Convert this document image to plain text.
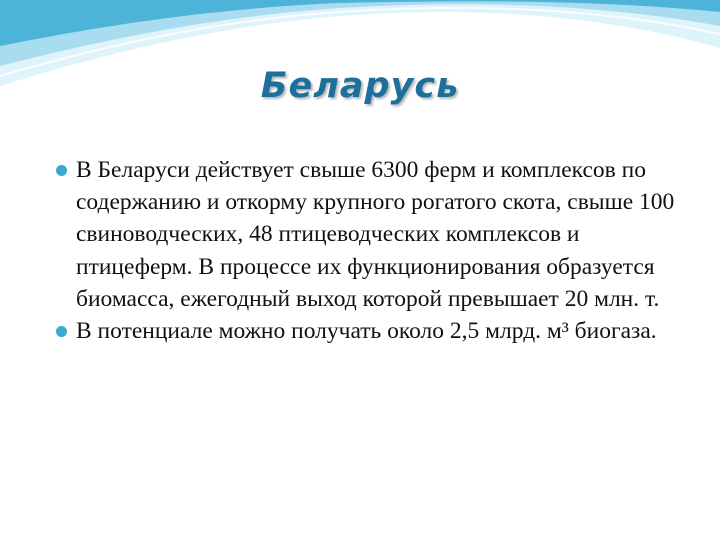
Беларусь
В Беларуси действует свыше 6300 ферм и комплексов по содержанию и откорму крупного рогатого скота, свыше 100 свиноводческих, 48 птицеводческих комплексов и птицеферм. В процессе их функционирования образуется биомасса, ежегодный выход которой превышает 20 млн. т.
В потенциале можно получать около 2,5 млрд. м³ биогаза.
